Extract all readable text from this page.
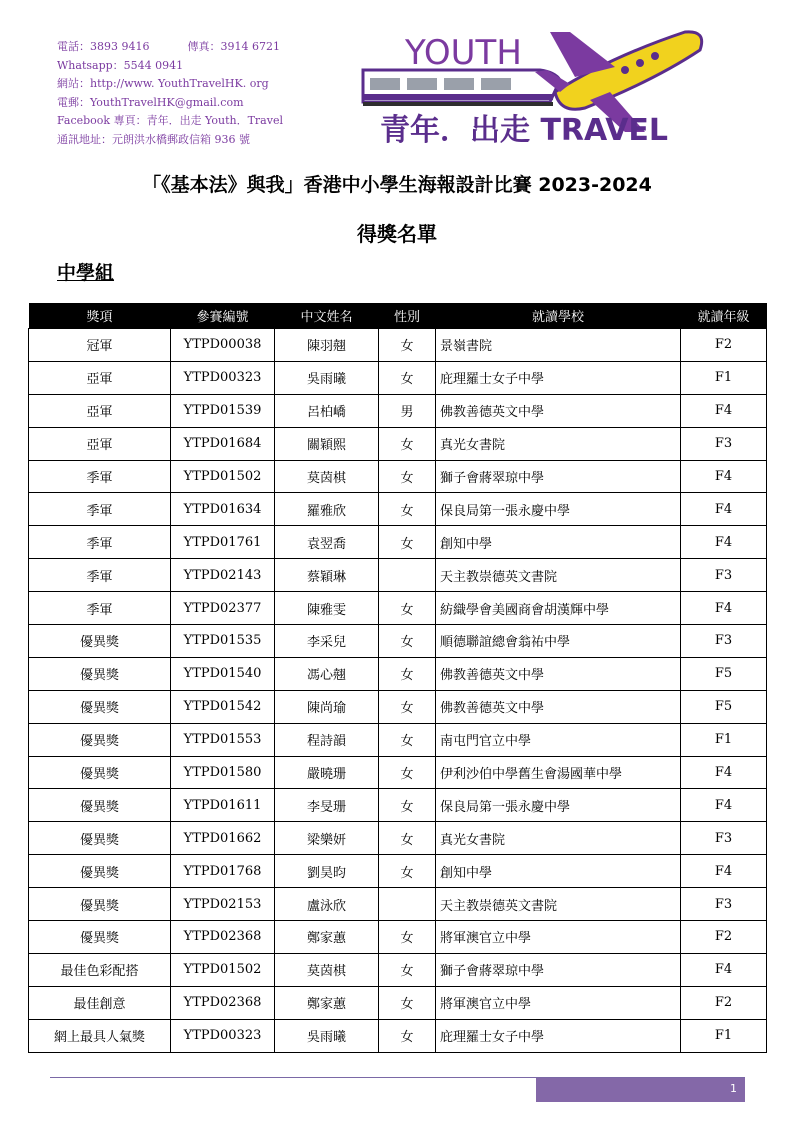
電話：3893 9416	傳真：3914 6721
Whatsapp：5544 0941
網站：http://www. YouthTravelHK. org
電郵：YouthTravelHK@gmail.com
Facebook 專頁：青年．出走 Youth．Travel
通訊地址：元朗洪水橋郵政信箱 936 號
YOUTH
青年．出走 TRAVEL
「《基本法》與我」香港中小學生海報設計比賽 2023-2024
得獎名單
中學組
獎項	參賽編號	中文姓名	性別	就讀學校	就讀年級
冠軍	YTPD00038	陳羽翹	女	景嶺書院	F2
亞軍	YTPD00323	吳雨曦	女	庇理羅士女子中學	F1
亞軍	YTPD01539	呂柏嶠	男	佛教善德英文中學	F4
亞軍	YTPD01684	關穎熙	女	真光女書院	F3
季軍	YTPD01502	莫茵棋	女	獅子會蔣翠琼中學	F4
季軍	YTPD01634	羅雅欣	女	保良局第一張永慶中學	F4
季軍	YTPD01761	袁翌喬	女	創知中學	F4
季軍	YTPD02143	蔡穎琳		天主教崇德英文書院	F3
季軍	YTPD02377	陳雅雯	女	紡織學會美國商會胡漢輝中學	F4
優異獎	YTPD01535	李采兒	女	順德聯誼總會翁祐中學	F3
優異獎	YTPD01540	馮心翹	女	佛教善德英文中學	F5
優異獎	YTPD01542	陳尚瑜	女	佛教善德英文中學	F5
優異獎	YTPD01553	程詩韻	女	南屯門官立中學	F1
優異獎	YTPD01580	嚴曉珊	女	伊利沙伯中學舊生會湯國華中學	F4
優異獎	YTPD01611	李旻珊	女	保良局第一張永慶中學	F4
優異獎	YTPD01662	梁樂妍	女	真光女書院	F3
優異獎	YTPD01768	劉昊昀	女	創知中學	F4
優異獎	YTPD02153	盧泳欣		天主教崇德英文書院	F3
優異獎	YTPD02368	鄭家蕙	女	將軍澳官立中學	F2
最佳色彩配搭	YTPD01502	莫茵棋	女	獅子會蔣翠琼中學	F4
最佳創意	YTPD02368	鄭家蕙	女	將軍澳官立中學	F2
網上最具人氣獎	YTPD00323	吳雨曦	女	庇理羅士女子中學	F1
1
